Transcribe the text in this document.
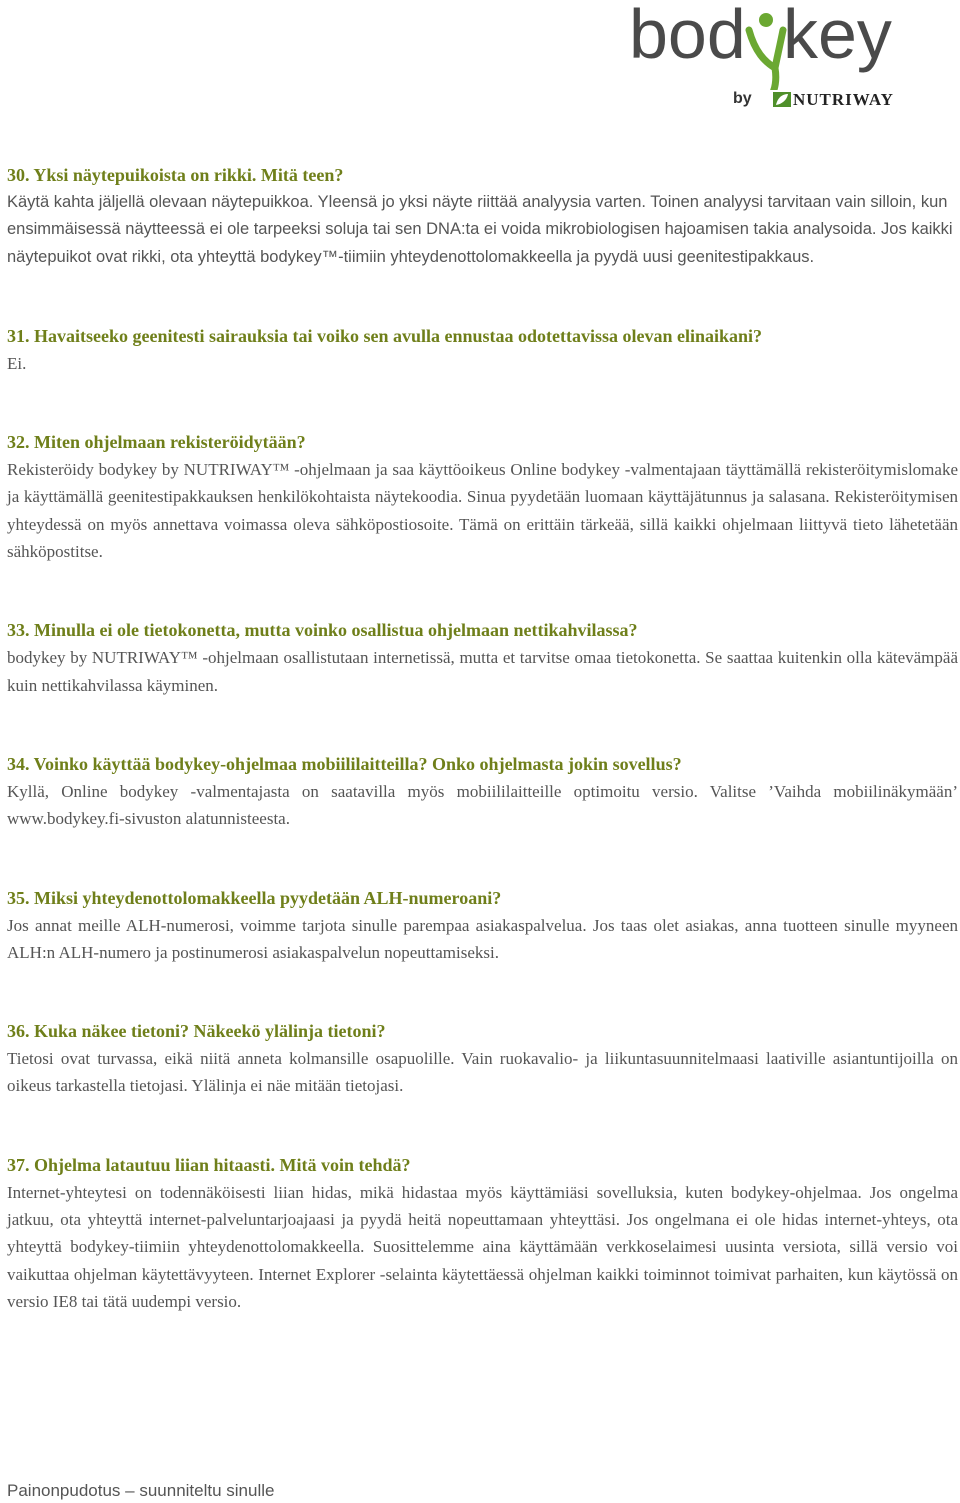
bod key
by NUTRIWAY

30. Yksi näytepuikoista on rikki. Mitä teen?

Käytä kahta jäljellä olevaan näytepuikkoa. Yleensä jo yksi näyte riittää analyysia varten. Toinen analyysi tarvitaan vain silloin, kun ensimmäisessä näytteessä ei ole tarpeeksi soluja tai sen DNA:ta ei voida mikrobiologisen hajoamisen takia analysoida. Jos kaikki näytepuikot ovat rikki, ota yhteyttä bodykey™-tiimiin yhteydenottolomakkeella ja pyydä uusi geenitestipakkaus.

31. Havaitseeko geenitesti sairauksia tai voiko sen avulla ennustaa odotettavissa olevan elinaikani?

Ei.

32. Miten ohjelmaan rekisteröidytään?

Rekisteröidy bodykey by NUTRIWAY™ -ohjelmaan ja saa käyttöoikeus Online bodykey -valmentajaan täyttämällä rekisteröitymislomake ja käyttämällä geenitestipakkauksen henkilökohtaista näytekoodia. Sinua pyydetään luomaan käyttäjätunnus ja salasana. Rekisteröitymisen yhteydessä on myös annettava voimassa oleva sähköpostiosoite. Tämä on erittäin tärkeää, sillä kaikki ohjelmaan liittyvä tieto lähetetään sähköpostitse.

33. Minulla ei ole tietokonetta, mutta voinko osallistua ohjelmaan nettikahvilassa?

bodykey by NUTRIWAY™ -ohjelmaan osallistutaan internetissä, mutta et tarvitse omaa tietokonetta. Se saattaa kuitenkin olla kätevämpää kuin nettikahvilassa käyminen.

34. Voinko käyttää bodykey-ohjelmaa mobiililaitteilla? Onko ohjelmasta jokin sovellus?

Kyllä, Online bodykey -valmentajasta on saatavilla myös mobiililaitteille optimoitu versio. Valitse ’Vaihda mobiilinäkymään’ www.bodykey.fi-sivuston alatunnisteesta.

35. Miksi yhteydenottolomakkeella pyydetään ALH-numeroani?

Jos annat meille ALH-numerosi, voimme tarjota sinulle parempaa asiakaspalvelua. Jos taas olet asiakas, anna tuotteen sinulle myyneen ALH:n ALH-numero ja postinumerosi asiakaspalvelun nopeuttamiseksi.

36. Kuka näkee tietoni? Näkeekö ylälinja tietoni?

Tietosi ovat turvassa, eikä niitä anneta kolmansille osapuolille. Vain ruokavalio- ja liikuntasuunnitelmaasi laativille asiantuntijoilla on oikeus tarkastella tietojasi. Ylälinja ei näe mitään tietojasi.

37. Ohjelma latautuu liian hitaasti. Mitä voin tehdä?

Internet-yhteytesi on todennäköisesti liian hidas, mikä hidastaa myös käyttämiäsi sovelluksia, kuten bodykey-ohjelmaa. Jos ongelma jatkuu, ota yhteyttä internet-palveluntarjoajaasi ja pyydä heitä nopeuttamaan yhteyttäsi. Jos ongelmana ei ole hidas internet-yhteys, ota yhteyttä bodykey-tiimiin yhteydenottolomakkeella. Suosittelemme aina käyttämään verkkoselaimesi uusinta versiota, sillä versio voi vaikuttaa ohjelman käytettävyyteen. Internet Explorer -selainta käytettäessä ohjelman kaikki toiminnot toimivat parhaiten, kun käytössä on versio IE8 tai tätä uudempi versio.

Painonpudotus – suunniteltu sinulle
